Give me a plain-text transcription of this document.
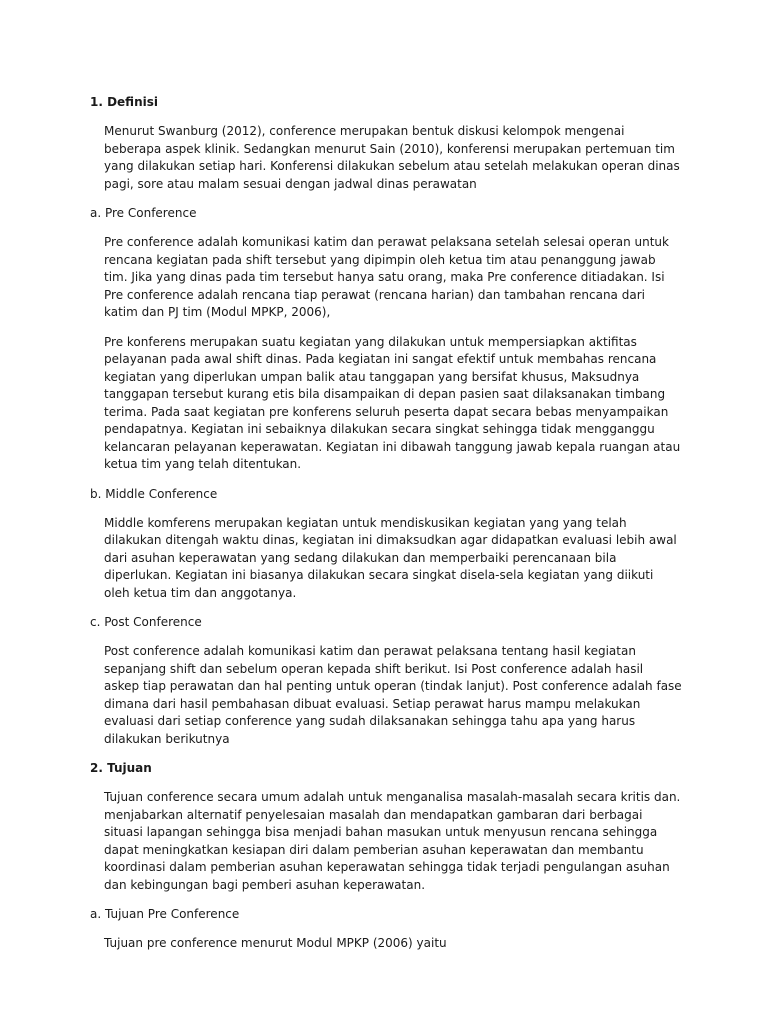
1. Definisi
Menurut Swanburg (2012), conference merupakan bentuk diskusi kelompok mengenai beberapa aspek klinik. Sedangkan menurut Sain (2010), konferensi merupakan pertemuan tim yang dilakukan setiap hari. Konferensi dilakukan sebelum atau setelah melakukan operan dinas pagi, sore atau malam sesuai dengan jadwal dinas perawatan
a. Pre Conference
Pre conference adalah komunikasi katim dan perawat pelaksana setelah selesai operan untuk rencana kegiatan pada shift tersebut yang dipimpin oleh ketua tim atau penanggung jawab tim. Jika yang dinas pada tim tersebut hanya satu orang, maka Pre conference ditiadakan. Isi Pre conference adalah rencana tiap perawat (rencana harian) dan tambahan rencana dari katim dan PJ tim (Modul MPKP, 2006),
Pre konferens merupakan suatu kegiatan yang dilakukan untuk mempersiapkan aktifitas pelayanan pada awal shift dinas. Pada kegiatan ini sangat efektif untuk membahas rencana kegiatan yang diperlukan umpan balik atau tanggapan yang bersifat khusus, Maksudnya tanggapan tersebut kurang etis bila disampaikan di depan pasien saat dilaksanakan timbang terima. Pada saat kegiatan pre konferens seluruh peserta dapat secara bebas menyampaikan pendapatnya. Kegiatan ini sebaiknya dilakukan secara singkat sehingga tidak mengganggu kelancaran pelayanan keperawatan. Kegiatan ini dibawah tanggung jawab kepala ruangan atau ketua tim yang telah ditentukan.
b. Middle Conference
Middle komferens merupakan kegiatan untuk mendiskusikan kegiatan yang yang telah dilakukan ditengah waktu dinas, kegiatan ini dimaksudkan agar didapatkan evaluasi lebih awal dari asuhan keperawatan yang sedang dilakukan dan memperbaiki perencanaan bila diperlukan. Kegiatan ini biasanya dilakukan secara singkat disela-sela kegiatan yang diikuti oleh ketua tim dan anggotanya.
c. Post Conference
Post conference adalah komunikasi katim dan perawat pelaksana tentang hasil kegiatan sepanjang shift dan sebelum operan kepada shift berikut. Isi Post conference adalah hasil askep tiap perawatan dan hal penting untuk operan (tindak lanjut). Post conference adalah fase dimana dari hasil pembahasan dibuat evaluasi. Setiap perawat harus mampu melakukan evaluasi dari setiap conference yang sudah dilaksanakan sehingga tahu apa yang harus dilakukan berikutnya
2. Tujuan
Tujuan conference secara umum adalah untuk menganalisa masalah-masalah secara kritis dan. menjabarkan alternatif penyelesaian masalah dan mendapatkan gambaran dari berbagai situasi lapangan sehingga bisa menjadi bahan masukan untuk menyusun rencana sehingga dapat meningkatkan kesiapan diri dalam pemberian asuhan keperawatan dan membantu koordinasi dalam pemberian asuhan keperawatan sehingga tidak terjadi pengulangan asuhan dan kebingungan bagi pemberi asuhan keperawatan.
a. Tujuan Pre Conference
Tujuan pre conference menurut Modul MPKP (2006) yaitu
